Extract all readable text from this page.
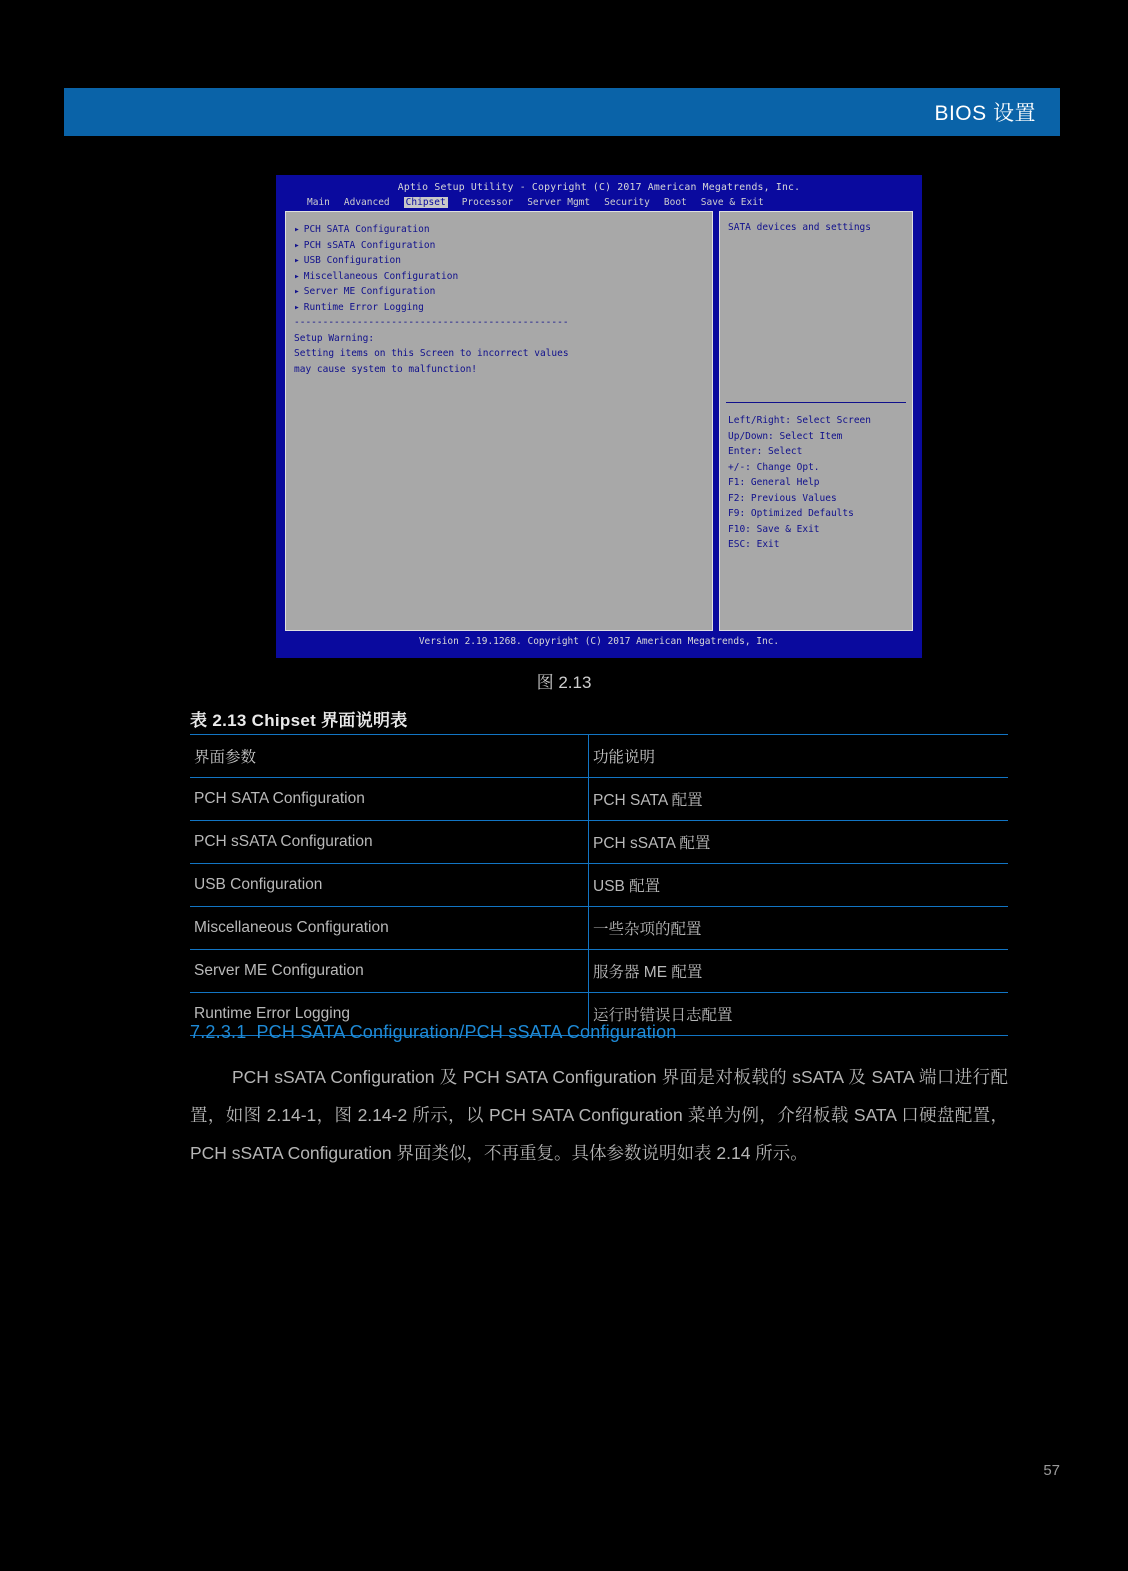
BIOS 设置
Aptio Setup Utility - Copyright (C) 2017 American Megatrends, Inc.
Main Advanced Chipset Processor Server Mgmt Security Boot Save & Exit
▸ PCH SATA Configuration
▸ PCH sSATA Configuration
▸ USB Configuration
▸ Miscellaneous Configuration
▸ Server ME Configuration
▸ Runtime Error Logging
------------------------------------------------
Setup Warning:
Setting items on this Screen to incorrect values
may cause system to malfunction!
SATA devices and settings
Left/Right: Select Screen
Up/Down: Select Item
Enter: Select
+/-: Change Opt.
F1: General Help
F2: Previous Values
F9: Optimized Defaults
F10: Save & Exit
ESC: Exit
Version 2.19.1268. Copyright (C) 2017 American Megatrends, Inc.
图 2.13
表 2.13 Chipset 界面说明表
界面参数	功能说明
PCH SATA Configuration	PCH SATA 配置
PCH sSATA Configuration	PCH sSATA 配置
USB Configuration	USB 配置
Miscellaneous Configuration	一些杂项的配置
Server ME Configuration	服务器 ME 配置
Runtime Error Logging	运行时错误日志配置
7.2.3.1 PCH SATA Configuration/PCH sSATA Configuration
PCH sSATA Configuration 及 PCH SATA Configuration 界面是对板载的 sSATA 及 SATA 端口进行配置，如图 2.14-1，图 2.14-2 所示，以 PCH SATA Configuration 菜单为例，介绍板载 SATA 口硬盘配置，PCH sSATA Configuration 界面类似，不再重复。具体参数说明如表 2.14 所示。
57
